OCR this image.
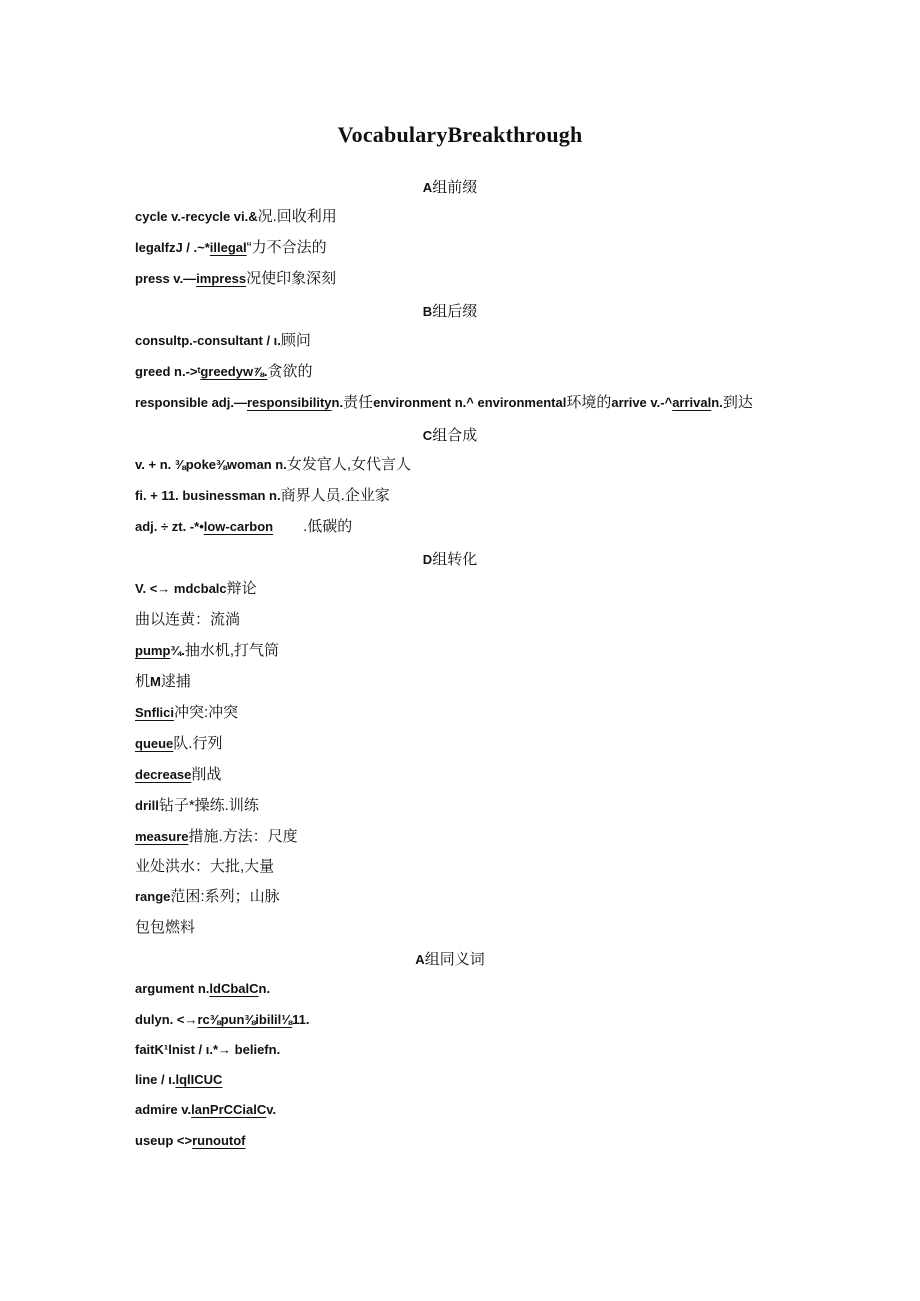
VocabularyBreakthrough
A组前缀
cycle v.-recycle vi.&况.回收利用
legalfzJ / .~*illegal“力不合法的
press v.—impress况使印象深刻
B组后缀
consultp.-consultant / ι.顾问
greed n.->ᵗgreedyw⅞.贪欲的
responsible adj.—responsibilityn.责任environment n.^ environmental环境的arrive v.-^arrivaln.到达
C组合成
v. + n. ⅜poke⅜woman n.女发官人,女代言人
fi. + 11. businessman n.商界人员.企业家
adj. ÷ zt. -*•low-carbon .低碳的
D组转化
V. <→ mdcbalc辩论
曲以连黄：流淌
pump¾.抽水机,打气筒
机M逑捕
Snflici冲突:冲突
queue队.行列
decrease削战
drill钻子*操练.训练
measure措施.方法：尺度
业处洪水：大批,大量
range范困:系列；山脉
包包燃料
A组同义词
argument n.ldCbalCn.
dulyn. <→rc⅜pun⅜ibilil⅛11.
faitK¹lnist / ι.*→ beliefn.
line / ι.lqlICUC
admire v.lanPrCCialCv.
useup <>runoutof
